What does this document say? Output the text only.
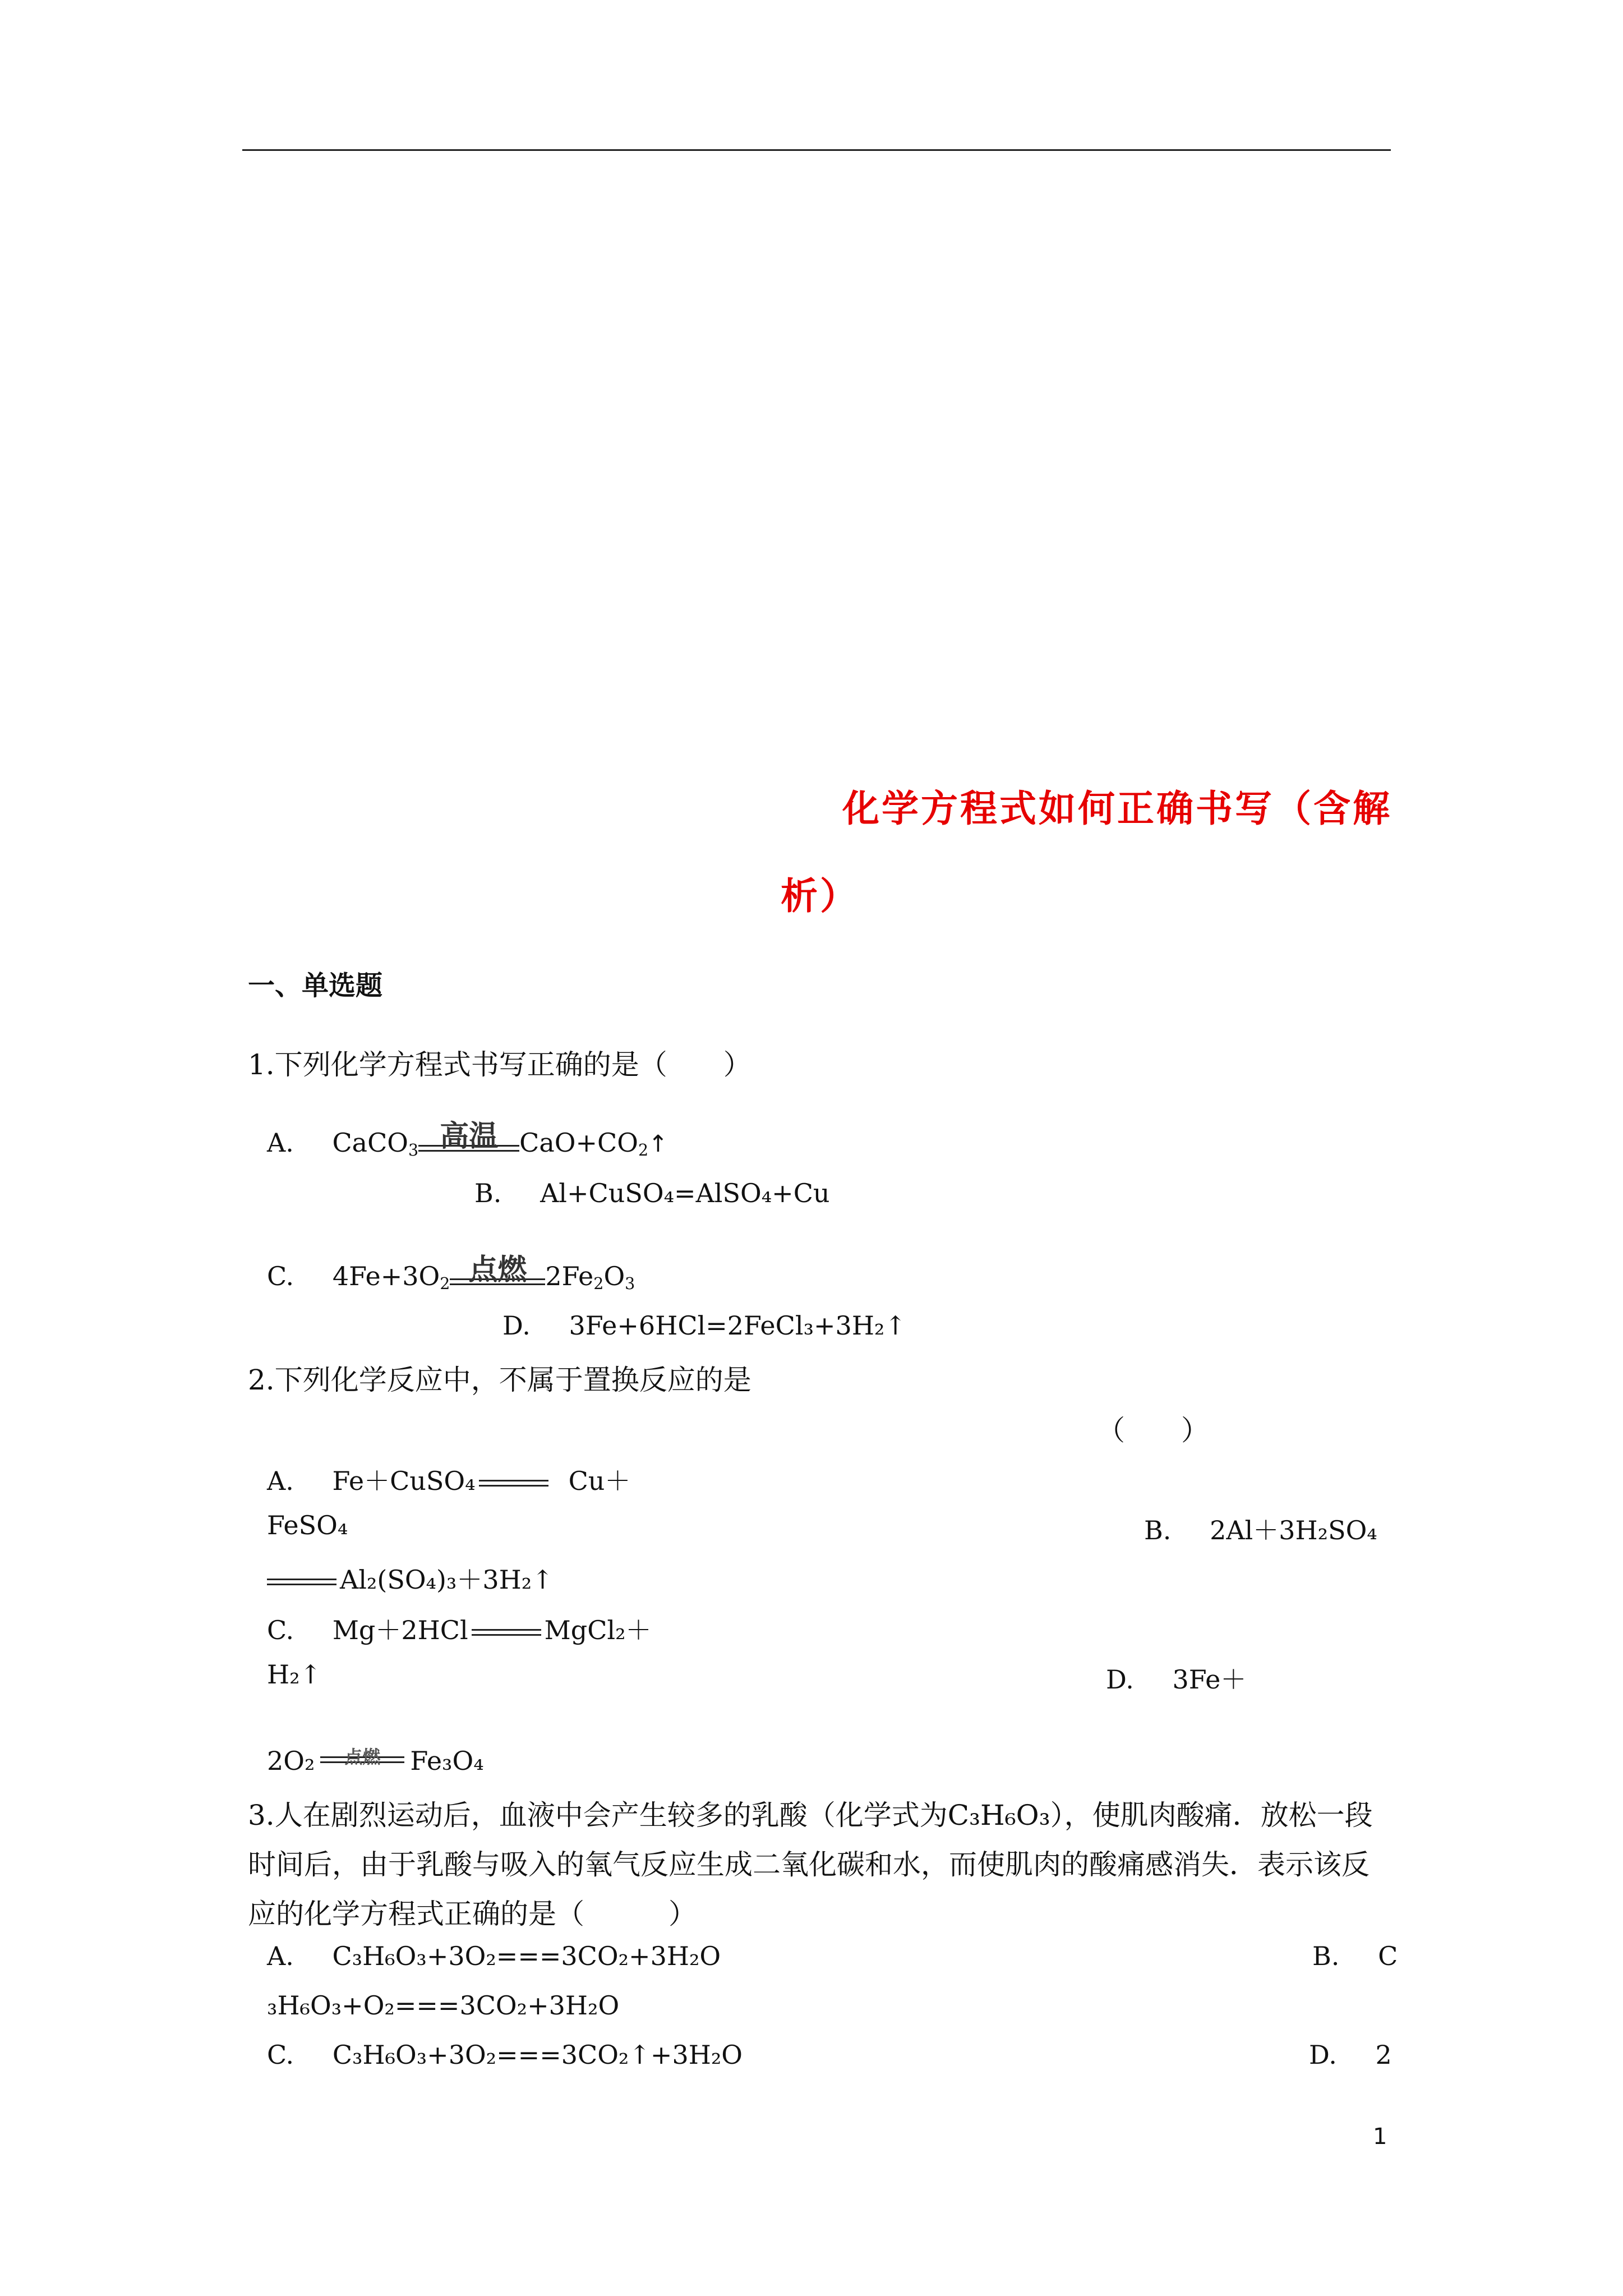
化学方程式如何正确书写（含解
析）
一、单选题
1.下列化学方程式书写正确的是（　　）
A. CaCO$_3$ 高温 $CaO+CO_2↑$
B. Al+CuSO₄=AlSO₄+Cu
C. $4Fe+3O_2$ 点燃 $2Fe_2O_3$
D. 3Fe+6HCl=2FeCl₃+3H₂↑
2.下列化学反应中，不属于置换反应的是
（　　）
A. Fe＋CuSO₄	Cu＋
FeSO₄	B. 2Al＋3H₂SO₄
Al₂(SO₄)₃＋3H₂↑
C. Mg＋2HCl	MgCl₂＋
H₂↑	D. 3Fe＋
2O₂	点燃	Fe₃O₄
3.人在剧烈运动后，血液中会产生较多的乳酸（化学式为C₃H₆O₃），使肌肉酸痛．放松一段
时间后，由于乳酸与吸入的氧气反应生成二氧化碳和水，而使肌肉的酸痛感消失．表示该反
应的化学方程式正确的是（　　　）
A. C₃H₆O₃+3O₂===3CO₂+3H₂O	B. C
₃H₆O₃+O₂===3CO₂+3H₂O
C. C₃H₆O₃+3O₂===3CO₂↑+3H₂O	D. 2
1
